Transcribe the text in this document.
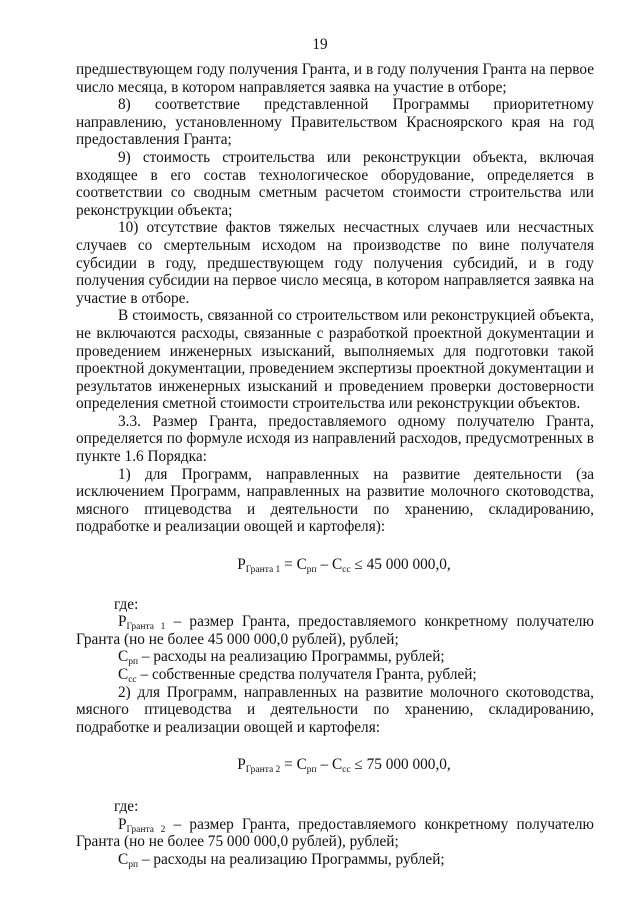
19

предшествующем году получения Гранта, и в году получения Гранта на первое число месяца, в котором направляется заявка на участие в отборе;

8) соответствие представленной Программы приоритетному направлению, установленному Правительством Красноярского края на год предоставления Гранта;

9) стоимость строительства или реконструкции объекта, включая входящее в его состав технологическое оборудование, определяется в соответствии со сводным сметным расчетом стоимости строительства или реконструкции объекта;

10) отсутствие фактов тяжелых несчастных случаев или несчастных случаев со смертельным исходом на производстве по вине получателя субсидии в году, предшествующем году получения субсидий, и в году получения субсидии на первое число месяца, в котором направляется заявка на участие в отборе.

В стоимость, связанной со строительством или реконструкцией объекта, не включаются расходы, связанные с разработкой проектной документации и проведением инженерных изысканий, выполняемых для подготовки такой проектной документации, проведением экспертизы проектной документации и результатов инженерных изысканий и проведением проверки достоверности определения сметной стоимости строительства или реконструкции объектов.

3.3. Размер Гранта, предоставляемого одному получателю Гранта, определяется по формуле исходя из направлений расходов, предусмотренных в пункте 1.6 Порядка:

1) для Программ, направленных на развитие деятельности (за исключением Программ, направленных на развитие молочного скотоводства, мясного птицеводства и деятельности по хранению, складированию, подработке и реализации овощей и картофеля):

$Р_{Гранта 1} = С_{рп} - С_{сс} \le 45$ 000 000,0,

где:

$Р_{Гранта 1}$ – размер Гранта, предоставляемого конкретному получателю Гранта (но не более 45 000 000,0 рублей), рублей;

$С_{рп}$ – расходы на реализацию Программы, рублей;

$С_{сс}$ – собственные средства получателя Гранта, рублей;

2) для Программ, направленных на развитие молочного скотоводства, мясного птицеводства и деятельности по хранению, складированию, подработке и реализации овощей и картофеля:

$Р_{Гранта 2} = С_{рп} - С_{сс} \le 75$ 000 000,0,

где:

$Р_{Гранта 2}$ – размер Гранта, предоставляемого конкретному получателю Гранта (но не более 75 000 000,0 рублей), рублей;

$С_{рп}$ – расходы на реализацию Программы, рублей;
